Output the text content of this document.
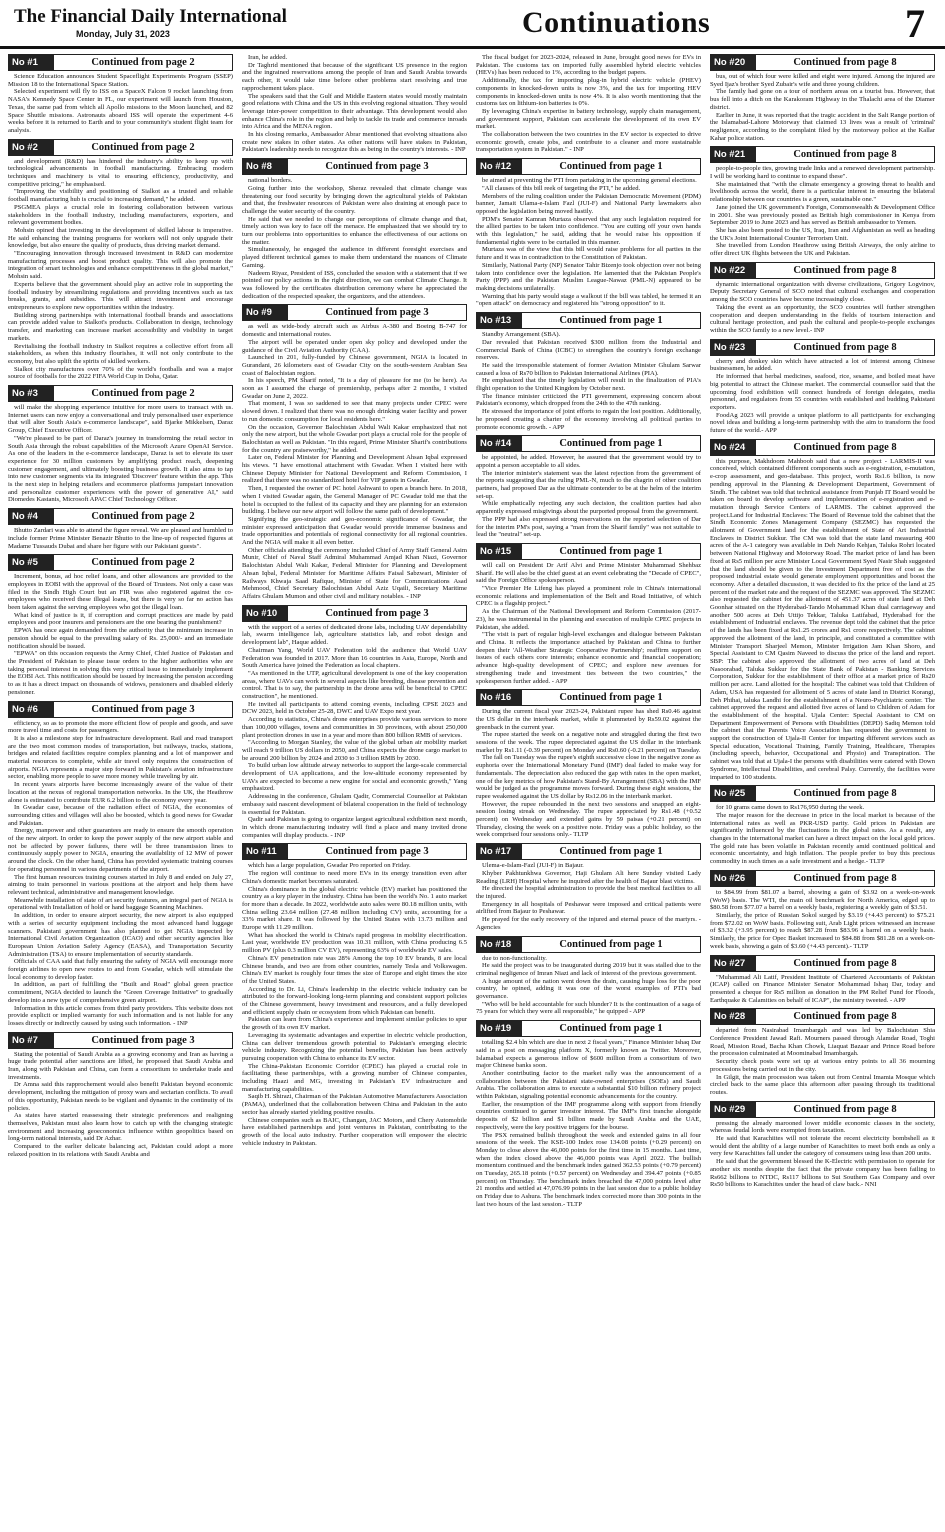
The Financial Daily International
Monday, July 31, 2023	Continuations	7
No #1	Continued from page 2

Science Education announces Student Spaceflight Experiments Program (SSEP) Mission 18 to the International Space Station.

Selected experiment will fly to ISS on a SpaceX Falcon 9 rocket launching from NASA's Kennedy Space Center in FL, our experiment will launch from Houston, Texas, the same pad from which all Apollo missions to the Moon launched, and 82 Space Shuttle missions. Astronauts aboard ISS will operate the experiment 4-6 weeks before it is returned to Earth and to your community's student flight team for analysis.

No #2	Continued from page 2

and development (R&D) has hindered the industry's ability to keep up with technological advancements in football manufacturing. Embracing modern techniques and machinery is vital to ensuring efficiency, productivity, and competitive pricing," he emphasised.

"Improving the visibility and positioning of Sialkot as a trusted and reliable football manufacturing hub is crucial to increasing demand," he added.

PSGMEA plays a crucial role in fostering collaboration between various stakeholders in the football industry, including manufacturers, exporters, and relevant government bodies.

Mohsin opined that investing in the development of skilled labour is imperative. He said enhancing the training programs for workers will not only upgrade their knowledge, but also ensure the quality of products, thus driving market demand.

"Encouraging innovation through increased investment in R&D can modernize manufacturing processes and boost product quality. This will also promote the integration of smart technologies and enhance competitiveness in the global market," Mohsin said.

Experts believe that the government should play an active role in supporting the football industry by streamlining regulations and providing incentives such as tax breaks, grants, and subsidies. This will attract investment and encourage entrepreneurs to explore new opportunities within the industry.

Building strong partnerships with international football brands and associations can provide added value to Sialkot's products. Collaboration in design, technology transfer, and marketing can increase market accessibility and visibility in target markets.

Revitalising the football industry in Sialkot requires a collective effort from all stakeholders, as when this industry flourishes, it will not only contribute to the economy, but also uplift the spirits of skilled workers.

Sialkot city manufactures over 70% of the world's footballs and was a major source of footballs for the 2022 FIFA World Cup in Doha, Qatar.

No #3	Continued from page 2

will make the shopping experience intuitive for more users to transact with us. Internet users can now enjoy a conversational and truly personalised user experience that will alter South Asia's e-commerce landscape", said Bjarke Mikkelsen, Daraz Group, Chief Executive Officer.

"We're pleased to be part of Daraz's journey in transforming the retail sector in South Asia through the robust capabilities of the Microsoft Azure OpenAI Service. As one of the leaders in the e-commerce landscape, Daraz is set to elevate its user experience for 30 million customers by amplifying product reach, deepening customer engagement, and ultimately boosting business growth. It also aims to tap into new customer segments via its integrated 'Discover' feature within the app. This is the next step in helping retailers and ecommerce platforms jumpstart innovation and personalize customer experiences with the power of generative AI," said Diomedes Kastanis, Microsoft APAC Chief Technology Officer.

No #4	Continued from page 2

Bhutto Zardari was able to attend the figure reveal. We are pleased and humbled to include former Prime Minister Benazir Bhutto to the line-up of respected figures at Madame Tussauds Dubai and share her figure with our Pakistani guests".

No #5	Continued from page 2

Increment, bonus, ad hoc relief loans, and other allowances are provided to the employees in EOBI with the approval of the Board of Trustees. Not only a case was filed in the Sindh High Court but an FIR was also registered against the co-employees who received these illegal loans, but there is very so far no action has been taken against the serving employees who got the illegal loan.

What kind of justice is it, if corruption and corrupt practices are made by paid employees and poor insurers and pensioners are the one bearing the punishment?

EPWA has once again demanded from the authority that the minimum increase in pension should be equal to the prevailing salary of Rs. 25,000/- and an immediate notification should be issued.

"EPWA" on this occasion requests the Army Chief, Chief Justice of Pakistan and the President of Pakistan to please issue orders to the higher authorities who are taking personal interest in solving this very critical issue to immediately implement the EOBI Act. This notification should be issued by increasing the pension according to as it has a direct impact on thousands of widows, pensioners and disabled elderly pensioner.

No #6	Continued from page 3

efficiency, so as to promote the more efficient flow of people and goods, and save more travel time and costs for passengers.

It is also a milestone step for infrastructure development. Rail and road transport are the two most common modes of transportation, but railways, tracks, stations, bridges and related facilities require complex planning and a lot of manpower and material resources to complete, while air travel only requires the construction of airports. NGIA represents a major step forward in Pakistan's aviation infrastructure sector, enabling more people to save more money while traveling by air.

In recent years airports have become increasingly aware of the value of their location at the nexus of regional transportation networks. In the UK, the Heathrow alone is estimated to contribute EUR 6.2 billion to the economy every year.

In Gwadar case, because of the radiation effect of NGIA, the economies of surrounding cities and villages will also be boosted, which is good news for Gwadar and Pakistan.

Energy, manpower and other guarantees are ready to ensure the smooth operation of the new airport. In order to keep the power supply of the new airport stable and not be affected by power failures, there will be three transmission lines to continuously supply power to NGIA, ensuring the availability of 12 MW of power around the clock. On the other hand, China has provided systematic training courses for operating personnel in various departments of the airport.

The first human resources training courses started in July 8 and ended on July 27, aiming to train personnel in various positions at the airport and help them have relevant technical, administrative and management knowledge.

Meanwhile installation of state of art security features, an integral part of NGIA is operational with Installation of hold or hand baggage Scanning Machines.

In addition, in order to ensure airport security, the new airport is also equipped with a series of security equipment including the most advanced hand luggage scanners. Pakistani government has also planned to get NGIA inspected by International Civil Aviation Organization (ICAO) and other security agencies like European Union Aviation Safety Agency (EASA), and Transportation Security Administration (TSA) to ensure implementation of security standards.

Officials of CAA said that fully ensuring the safety of NGIA will encourage more foreign airlines to open new routes to and from Gwadar, which will stimulate the local economy to develop faster.

In addition, as part of fulfilling the "Built and Road" global green practice commitment, NGIA decided to launch the "Green Coverage Initiative" to gradually develop into a new type of comprehensive green airport.

Information in this article comes from third party providers. This website does not provide explicit or implied warranty for such information and is not liable for any losses directly or indirectly caused by using such information. - INP

No #7	Continued from page 3

Stating the potential of Saudi Arabia as a growing economy and Iran as having a huge trade potential after sanctions are lifted, he proposed that Saudi Arabia and Iran, along with Pakistan and China, can form a consortium to undertake trade and investments.

Dr Amna said this rapprochement would also benefit Pakistan beyond economic development, including the mitigation of proxy wars and sectarian conflicts. To avail of this opportunity, Pakistan needs to be vigilant and dynamic in the continuity of its policies.

As states have started reassessing their strategic preferences and realigning themselves, Pakistan must also learn how to catch up with the changing strategic environment and increasing geoeconomics influence within geopolitics based on long-term national interests, said Dr Azhar.

Compared to the earlier delicate balancing act, Pakistan could adopt a more relaxed position in its relations with Saudi Arabia and

Iran, he added.

Dr Taghrid mentioned that because of the significant US presence in the region and the ingrained reservations among the people of Iran and Saudi Arabia towards each other, it would take time before other problems start resolving and true rapprochement takes place.

The speakers said that the Gulf and Middle Eastern states would mostly maintain good relations with China and the US in this evolving regional situation. They would leverage inter-power competition to their advantage. This development would also enhance China's role in the region and help to tackle its trade and commerce inroads into Africa and the MENA region.

In his closing remarks, Ambassador Abrar mentioned that evolving situations also create new stakes in other states. As other nations will have stakes in Pakistan, Pakistan's leadership needs to recognize this as being in the country's interests. - INP

No #8	Continued from page 3

national borders.

Going further into the workshop, Sheraz revealed that climate change was threatening our food security by bringing down the agricultural yields of Pakistan and that, the freshwater resources of Pakistan were also draining at enough pace to challenge the water security of the country.

He said that we needed to change our perceptions of climate change and that, timely action was key to face off the menace. He emphasized that we should try to turn our problems into opportunities to enhance the effectiveness of our actions on the matter.

Simultaneously, he engaged the audience in different foresight exercises and played different technical games to make them understand the nuances of Climate Gaming.

Nadeem Riyaz, President of ISS, concluded the session with a statement that if we pointed our policy actions in the right direction, we can combat Climate Change. It was followed by the certificates distribution ceremony where he appreciated the dedication of the respected speaker, the organizers, and the attendees.

No #9	Continued from page 3

as well as wide-body aircraft such as Airbus A-380 and Boeing B-747 for domestic and international routes.

The airport will be operated under open sky policy and developed under the guidance of the Civil Aviation Authority (CAA).

Launched in 201, fully-funded by Chinese government, NGIA is located in Gurandani, 26 kilometers east of Gwadar City on the south-western Arabian Sea coast of Balochistan region.

In his speech, PM Sharif noted, "It is a day of pleasure for me (to be here). As soon as I assumed the charge of premiership, perhaps after 2 months, I visited Gwadar on June 2, 2022.

That moment, I was so saddened to see that many projects under CPEC were slowed down. I realized that there was no enough drinking water facility and power to run domestic consumption for local residents here."

On the occasion, Governor Balochistan Abdul Wali Kakar emphasized that not only the new airport, but the whole Gwadar port plays a crucial role for the people of Balochistan as well as Pakistan. "In this regard, Prime Minister Sharif's contributions for the country are praiseworthy," he added.

Later on, Federal Minister for Planning and Development Ahsan Iqbal expressed his views. "I have emotional attachment with Gwadar. When I visited here with Chinese Deputy Minister for National Development and Reform Commission, I realized that there was no standardized hotel for VIP guests in Gwadar.

Then, I requested the owner of PC hotel Ashwani to open a branch here. In 2018, when I visited Gwadar again, the General Manager of PC Gwadar told me that the hotel is occupied to the fullest of its capacity and they are planning for an extension building. I believe our new airport will follow the same path of development."

Signifying the geo-strategic and geo-economic significance of Gwadar, the minister expressed anticipation that Gwadar would provide immense business and trade opportunities and potentials of regional connectivity for all regional countries. And the NGIA will make it all even better.

Other officials attending the ceremony included Chief of Army Staff General Asim Munir, Chief of Naval Staff Admiral Muhammad Amjad Khan Niazi, Governor Balochistan Abdul Wali Kakar, Federal Minister for Planning and Development Ahsan Iqbal, Federal Minister for Maritime Affairs Faisal Sabzwari, Minister of Railways Khwaja Saad Rafique, Minister of State for Communications Asad Mehmood, Chief Secretary Balochistan Abdul Aziz Uqaili, Secretary Maritime Affairs Ghulam Mumon and other civil and military notables. - INP

No #10	Continued from page 3

with the support of a series of dedicated drone labs, including UAV dependability lab, swarm intelligence lab, agriculture statistics lab, and robot design and development lab", Haque added.

Chairman Yang, World UAV Federation told the audience that World UAV Federation was founded in 2017. More than 16 countries in Asia, Europe, North and South America have joined the Federation as local chapters.

"As mentioned in the UTP, agricultural development is one of the key cooperation areas, where UAVs can work in several aspects like breeding, disease prevention and control. That is to say, the partnership in the drone area will be beneficial to CPEC construction", he mentioned.

He invited all participants to attend coming events, including CPSE 2023 and DCW 2023, held in October 25-28, DWC and UAV Expo next year.

According to statistics, China's drone enterprises provide various services to more than 100,000 villages, towns and communities in 30 provinces, with about 250,000 plant protection drones in use in a year and more than 800 billion RMB of services.

"According to Morgan Stanley, the value of the global urban air mobility market will reach 9 trillion US dollars in 2050, and China expects the drone cargo market to be around 200 billion by 2024 and 2030 to 3 trillion RMB by 2030.

To build urban low altitude airway networks to support the large-scale commercial development of UA applications, and the low-altitude economy represented by UAVs are expected to become a new engine for social and economic growth," Yang emphasized.

Addressing in the conference, Ghulam Qadir, Commercial Counsellor at Pakistan embassy said nascent development of bilateral cooperation in the field of technology is essential for Pakistan.

Qadir said Pakistan is going to organize largest agricultural exhibition next month, in which drone manufacturing industry will find a place and many invited drone companies will display products. - INP

No #11	Continued from page 3

which has a large population, Gwadar Pro reported on Friday.

The region will continue to need more EVs in its energy transition even after China's domestic market becomes saturated.

China's dominance in the global electric vehicle (EV) market has positioned the country as a key player in the industry. China has been the world's No. 1 auto market for more than a decade. In 2022, worldwide auto sales were 80.18 million units, with China selling 23.64 million (27.48 million including CV) units, accounting for a 33% market share. It was followed by the United States with 13.73 million and Europe with 11.29 million.

What has shocked the world is China's rapid progress in mobility electrification. Last year, worldwide EV production was 10.31 million, with China producing 6.5 million PV (plus 0.3 million CV EV), representing 63% of worldwide EV sales.

China's EV penetration rate was 28% Among the top 10 EV brands, 8 are local Chinese brands, and two are from other countries, namely Tesla and Volkswagen. China's EV market is roughly four times the size of Europe and eight times the size of the United States.

According to Dr. Li, China's leadership in the electric vehicle industry can be attributed to the forward-looking long-term planning and consistent support policies of the Chinese government, heavy investment and resources, and a fully developed and efficient supply chain or ecosystem from which Pakistan can benefit.

Pakistan can learn from China's experience and implement similar policies to spur the growth of its own EV market.

Leveraging its systematic advantages and expertise in electric vehicle production, China can deliver tremendous growth potential to Pakistan's emerging electric vehicle industry. Recognizing the potential benefits, Pakistan has been actively pursuing cooperation with China to enhance its EV sector.

The China-Pakistan Economic Corridor (CPEC) has played a crucial role in facilitating these partnerships, with a growing number of Chinese companies, including Haazi and MG, investing in Pakistan's EV infrastructure and manufacturing capabilities.

Saqib H. Shirazi, Chairman of the Pakistan Automotive Manufacturers Association (PAMA), underlined that the collaboration between China and Pakistan in the auto sector has already started yielding positive results.

Chinese companies such as BAIC, Changan, JAC Motors, and Chery Automobile have established partnerships and joint ventures in Pakistan, contributing to the growth of the local auto industry. Further cooperation will empower the electric vehicle industry in Pakistan.

The fiscal budget for 2023-2024, released in June, brought good news for EVs in Pakistan. The customs tax on imported fully assembled hybrid electric vehicles (HEVs) has been reduced to 1%, according to the budget papers.

Additionally, the tax for importing plug-in hybrid electric vehicle (PHEV) components in knocked-down units is now 3%, and the tax for importing HEV components in knocked-down units is now 4%. It is also worth mentioning that the customs tax on lithium-ion batteries is 0%.

By leveraging China's expertise in battery technology, supply chain management, and government support, Pakistan can accelerate the development of its own EV market.

The collaboration between the two countries in the EV sector is expected to drive economic growth, create jobs, and contribute to a cleaner and more sustainable transportation system in Pakistan." - INP

No #12	Continued from page 1

be aimed at preventing the PTI from partaking in the upcoming general elections.

"All clauses of this bill reek of targeting the PTI," he added.

Members of the ruling coalition under the Pakistan Democratic Movement (PDM) banner, Jamait Ulama-e-Islam Fazl (JUI-F) and National Party lawmakers also opposed the legislation being moved hastily.

PDM's Senator Kamran Murtaza observed that any such legislation required for the allied parties to be taken into confidence. "You are cutting off your own hands with this legislation," he said, adding that he would raise his opposition if fundamental rights were to be curtailed in this manner.

Murtaza was of the view that this bill would raise problems for all parties in the future and it was in contradiction to the Constitution of Pakistan.

Similarly, National Party (NP) Senator Tahir Bizenjo took objection over not being taken into confidence over the legislation. He lamented that the Pakistan People's Party (PPP) and the Pakistan Muslim League-Nawaz (PML-N) appeared to be making decisions unilaterally.

Warning that his party would stage a walkout if the bill was tabled, he termed it an "open attack" on democracy and registered his "strong opposition" to it.

No #13	Continued from page 1

Standby Arrangement (SBA).

Dar revealed that Pakistan received $300 million from the Industrial and Commercial Bank of China (ICBC) to strengthen the country's foreign exchange reserves.

He said the irresponsible statement of former Aviation Minister Ghulam Sarwar caused a loss of Rs70 billion to Pakistan International Airlines (PIA).

He emphasized that the timely legislation will result in the finalization of PIA's flight operation to the United Kingdom by October next.

The finance minister criticized the PTI government, expressing concern about Pakistan's economy, which dropped from the 24th to the 47th ranking.

He stressed the importance of joint efforts to regain the lost position. Additionally, he proposed creating a charter of the economy involving all political parties to promote economic growth. - APP

No #14	Continued from page 1

be appointed, he added. However, he assured that the government would try to appoint a person acceptable to all sides.

The interior minister's statement was the latest rejection from the government of the reports suggesting that the ruling PML-N, much to the chagrin of other coalition partners, had proposed Dar as the ultimate contender to be at the helm of the interim set-up.

While emphatically rejecting any such decision, the coalition parties had also apparently expressed misgivings about the purported proposal from the government.

The PPP had also expressed strong reservations on the reported selection of Dar for the interim PM's post, saying a "man from the Sharif family" was not suitable to lead the "neutral" set-up.

No #15	Continued from page 1

will call on President Dr Arif Alvi and Prime Minister Muhammad Shehbaz Sharif. He will also be the chief guest at an event celebrating the "Decade of CPEC", said the Foreign Office spokesperson.

"Vice Premier He Lifeng has played a prominent role in China's international economic relations and implementation of the Belt and Road Initiative, of which CPEC is a flagship project."

As the Chairman of the National Development and Reform Commission (2017-23), he was instrumental in the planning and execution of multiple CPEC projects in Pakistan, she added.

"The visit is part of regular high-level exchanges and dialogue between Pakistan and China. It reflects the importance attached by Pakistan and China to further deepen their 'All-Weather Strategic Cooperative Partnership'; reaffirm support on issues of each others core interests; enhance economic and financial cooperation; advance high-quality development of CPEC; and explore new avenues for strengthening trade and investment ties between the two countries," the spokesperson further added. - APP

No #16	Continued from page 1

During the current fiscal year 2023-24, Pakistani rupee has shed Rs0.46 against the US dollar in the interbank market, while it plummeted by Rs59.02 against the greenback in the current year.

The rupee started the week on a negative note and struggled during the first two sessions of the week. The rupee depreciated against the US dollar in the interbank market by Rs1.11 (-0.39 percent) on Monday and Rs0.60 (-0.21 percent) on Tuesday.

The fall on Tuesday was the rupee's eighth successive close in the negative zone as euphoria over the International Monetary Fund (IMF) deal faded to make way for fundamentals. The depreciation also reduced the gap with rates in the open market, one of the key metrics of how Pakistan's Stand-By Arrangement (SBA) with the IMF would be judged as the programme moves forward. During these eight sessions, the rupee weakened against the US dollar by Rs12.06 in the interbank market.

However, the rupee rebounded in the next two sessions and snapped an eight-session losing streak on Wednesday. The rupee appreciated by Rs1.48 (+0.52 percent) on Wednesday and extended gains by 59 paisas (+0.21 percent) on Thursday, closing the week on a positive note. Friday was a public holiday, so the week comprised four sessions only.- TLTP

No #17	Continued from page 1

Ulema-e-Islam-Fazl (JUI-F) in Bajaur.

Khyber Pakhtunkhwa Governor, Haji Ghulam Ali here Sunday visited Lady Reading (LRH) Hospital where he inquired after the health of Bajaur blast victims.

He directed the hospital administration to provide the best medical facilities to all the injured.

Emergency in all hospitals of Peshawar were imposed and critical patients were airlifted from Bajaur to Peshawar.

He prayed for the early recovery of the injured and eternal peace of the martyrs. - Agencies

No #18	Continued from page 1

due to non-functionality.

He said the project was to be inaugurated during 2019 but it was stalled due to the criminal negligence of Imran Niazi and lack of interest of the previous government.

A huge amount of the nation went down the drain, causing huge loss for the poor country, he opined, adding it was one of the worst examples of PTI's bad governance.

"Who will be held accountable for such blunder? It is the continuation of a saga of 75 years for which they were all responsible," he quipped - APP

No #19	Continued from page 1

totalling $2.4 bln which are due in next 2 fiscal years," Finance Minister Ishaq Dar said in a post on messaging platform X, formerly known as Twitter. Moreover, Islamabad expects a generous inflow of $600 million from a consortium of two major Chinese banks soon.

Another contributing factor to the market rally was the announcement of a collaboration between the Pakistani state-owned enterprises (SOEs) and Saudi Arabia. The collaboration aims to execute a substantial $10 billion refinery project within Pakistan, signaling potential economic advancements for the country.

Earlier, the resumption of the IMF programme along with support from friendly countries continued to garner investor interest. The IMF's first tranche alongside deposits of $2 billion and $1 billion made by Saudi Arabia and the UAE, respectively, were the key positive triggers for the bourse.

The PSX remained bullish throughout the week and extended gains in all four sessions of the week. The KSE-100 Index rose 134.08 points (+0.29 percent) on Monday to close above the 46,000 points for the first time in 15 months. Last time, when the index closed above the 46,000 points was April 2022. The bullish momentum continued and the benchmark index gained 362.53 points (+0.79 percent) on Tuesday, 265.18 points (+0.57 percent) on Wednesday and 394.47 points (+0.85 percent) on Thursday. The benchmark index breached the 47,000 points level after 21 months and settled at 47,076.99 points in the last session due to a public holiday on Friday due to Ashura. The benchmark index corrected more than 300 points in the last two hours of the last session.- TLTP

No #20	Continued from page 8

bus, out of which four were killed and eight were injured. Among the injured are Syed Ijaz's brother Syed Zubair's wife and three young children.

The family had gone on a tour of northern areas on a tourist bus. However, that bus fell into a ditch on the Karakoram Highway in the Thalachi area of the Diamer district.

Earlier in June, it was reported that the tragic accident in the Salt Range portion of the Islamabad-Lahore Motorway that claimed 13 lives was a result of 'criminal' negligence, according to the complaint filed by the motorway police at the Kallar Kahar police station.

No #21	Continued from page 8

people-to-people ties, growing trade links and a renewed development partnership. I will be working hard to continue to expand these".

She maintained that "with the climate emergency a growing threat to health and livelihoods across the world, there is a particular interest in ensuring the bilateral relationship between our countries is a green, sustainable one."

Jane joined the UK government's Foreign, Commonwealth & Development Office in 2001. She was previously posted as British high commissioner in Kenya from September 2019 to June 2023 and has served as British ambassador to Yemen.

She has also been posted to the US, Iraq, Iran and Afghanistan as well as heading the UK's Joint International Counter Terrorism Unit.

She travelled from London Heathrow using British Airways, the only airline to offer direct UK flights between the UK and Pakistan.

No #22	Continued from page 8

dynamic international organization with diverse civilizations, Grigory Logvinov, Deputy Secretary General of SCO noted that cultural exchanges and cooperation among the SCO countries have become increasingly close.

Taking the event as an opportunity, the SCO countries will further strengthen cooperation and deepen understanding in the fields of tourism interaction and cultural heritage protection, and push the cultural and people-to-people exchanges within the SCO family to a new level.- INP

No #23	Continued from page 8

cherry and donkey skin which have attracted a lot of interest among Chinese businessmen, he added.

He informed that herbal medicines, seafood, rice, sesame, and boiled meat have big potential to attract the Chinese market. The commercial counsellor said that the upcoming food exhibition will connect hundreds of foreign delegates, media personnel, and regulators from 55 countries with established and budding Pakistani exporters.

FoodAg 2023 will provide a unique platform to all participants for exchanging novel ideas and building a long-term partnership with the aim to transform the food future of the world.- APP

No #24	Continued from page 8

this purpose, Makhdoom Mahboob said that a new project - LARMIS-II was conceived, which contained different components such as e-registration, e-mutation, e-crop assessment, and geo-database. This project, worth Rs1.6 billion, is now pending approval in the Planning & Development Department, Government of Sindh. The cabinet was told that technical assistance from Punjab IT Board would be taken on board to develop software and implementation of e-registration and e-mutation through Service Centers of LARMIS. The cabinet approved the project.Land for Industrial Enclaves: The Board of Revenue told the cabinet that the Sindh Economic Zones Management Company (SEZMC) has requested the allotment of Government land for the establishment of State of Art Industrial Enclaves in District Sukkur. The CM was told that the state land measuring 400 acres of the A-1 category was available in Deh Nando Kehjan, Taluka Rohri located between National Highway and Motorway Road. The market price of land has been fixed at Rs5 million per acre Minister Local Government Syed Nasir Shah suggested that the land should be given to the Investment Department free of cost as the proposed industrial estate would generate employment opportunities and boost the economy. After a detailed discussion, it was decided to fix the price of the land at 25 percent of the market rate and the request of the SEZMC was approved. The SEZMC also requested the cabinet for the allotment of 451.37 acres of state land at Deh Goonhar situated on the Hyderabad-Tando Mohammad Khan dual carriageway and another 500 acres at Deh Uttijo Tekkar, Taluka Latifabad, Hyderabad for the establishment of Industrial enclaves. The revenue dept told the cabinet that the price of the lands has been fixed at Rs1.25 crores and Rs1 crore respectively. The cabinet approved the allotment of the land, in principle, and constituted a committee with Minister Transport Sharjeel Memon, Minister Irrigation Jam Khan Shoro, and Special Assistant to CM Qasim Naveed to discuss the price of the land and report. SBP: The cabinet also approved the allotment of two acres of land at Deh Nasoorabad, Taluka Sukkur for the State Bank of Pakistan - Banking Services Corporation, Sukkur for the establishment of their office at a market price of Rs20 million per acre. Land allotted for the hospital: The cabinet was told that Children of Adam, USA has requested for allotment of 5 acres of state land in District Korangi, Deh Phihai, taluka Landhi for the establishment of a Neuro-Psychiatric center. The cabinet approved the request and allotted five acres of land to Children of Adam for the establishment of the hospital. Ujala Center: Special Assistant to CM on Department Empowerment of Persons with Disabilities (DEPD) Sadiq Memon told the cabinet that the Parents Voice Association has requested the government to support the construction of Ujala-II Center for imparting different services such as Special education, Vocational Training, Family Training, Healthcare, Therapies (including speech, behavior, Occupational and Physio) and Transpiration. The cabinet was told that at Ujala-I the persons with disabilities were catered with Down Syndrome, Intellectual Disabilities, and cerebral Palsy. Currently, the facilities were imparted to 100 students.

No #25	Continued from page 8

for 10 grams came down to Rs176,950 during the week.

The major reason for the decrease in price in the local market is because of the international rates as well as PKR-USD parity. Gold prices in Pakistan are significantly influenced by the fluctuations in the global rates. As a result, any changes in the international market can have a direct impact on the local gold prices. The gold rate has been volatile in Pakistan recently amid continued political and economic uncertainty, and high inflation. The people prefer to buy this precious commodity in such times as a safe investment and a hedge.- TLTP

No #26	Continued from page 8

to $84.99 from $81.07 a barrel, showing a gain of $3.92 on a week-on-week (WoW) basis. The WTI, the main oil benchmark for North America, edged up to $80.58 from $77.07 a barrel on a weekly basis, registering a weekly gain of $3.51.

Similarly, the price of Russian Sokol surged by $3.19 (+4.43 percent) to $75.21 from $72.02 on WoW basis. Following suit, Arab Light prices witnessed an increase of $3.32 (+3.95 percent) to reach $87.28 from $83.96 a barrel on a weekly basis. Similarly, the price for Opec Basket increased to $84.88 from $81.28 on a week-on-week basis, showing a gain of $3.60 (+4.43 percent).- TLTP

No #27	Continued from page 8

"Muhammad Ali Latif, President Institute of Chartered Accountants of Pakistan (ICAP) called on Finance Minister Senator Mohammad Ishaq Dar, today and presented a cheque for Rs5 million as donation in the PM Relief Fund for Floods, Earthquake & Calamities on behalf of ICAP", the ministry tweeted. - APP

No #28	Continued from page 8

departed from Nasirabad Imambargah and was led by Balochistan Shia Conference President Jawad Rafi. Mourners passed through Alamdar Road, Toghi Road, Mission Road, Bacha Khan Chowk, Liaquat Bazaar and Prince Road before the procession culminated at Moominabad Imambargah.

Security check posts were set up at various entry points to all 36 mourning processions being carried out in the city.

In Gilgit, the main procession was taken out from Central Imamia Mosque which circled back to the same place this afternoon after passing through its traditional routes.

No #29	Continued from page 8

pressing the already marooned lower middle economic classes in the society, whereas feudal lords were exempted from taxation.

He said that Karachiites will not tolerate the recent electricity bombshell as it would dent the ability of a large number of Karachiites to meet both ends as only a very few Karachiites fall under the category of consumers using less than 200 units.

He said that the government blessed the K-Electric with permission to operate for another six months despite the fact that the private company has been failing to Rs662 billions to NTDC, Rs117 billions to Sui Southern Gas Company and over Rs50 billions to Karachiites under the head of claw back.- NNI
